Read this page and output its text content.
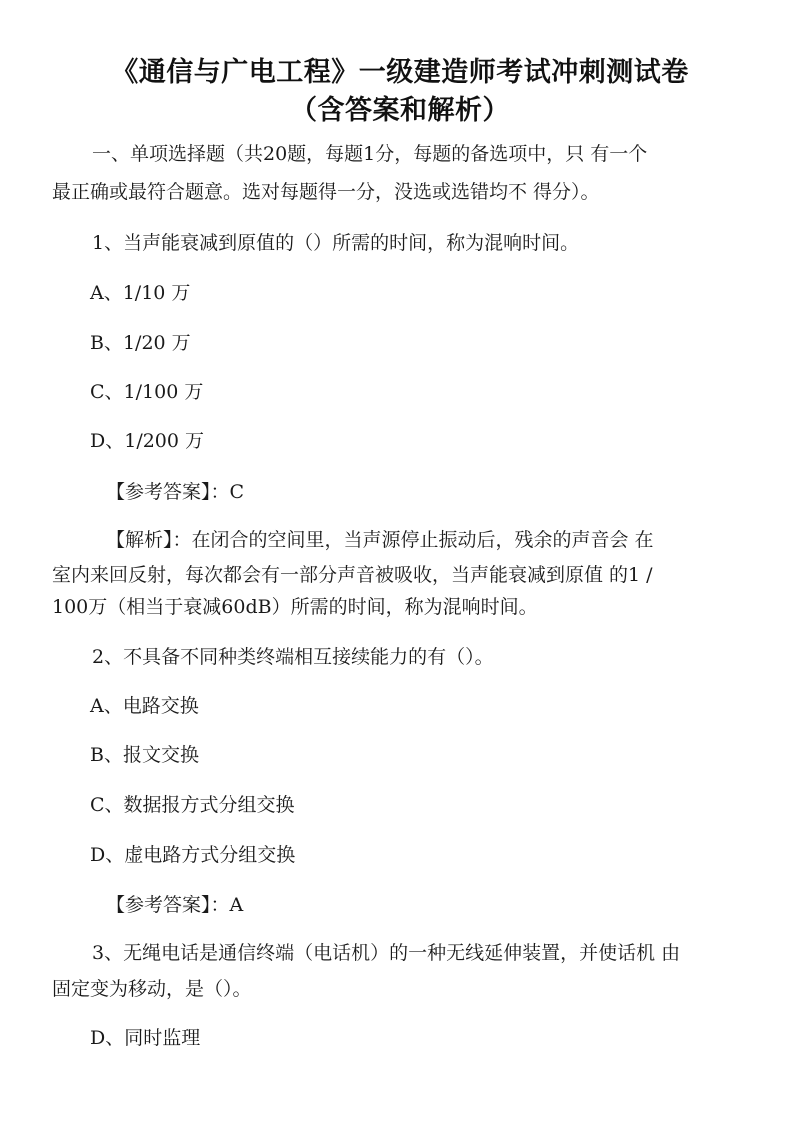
《通信与广电工程》一级建造师考试冲刺测试卷
（含答案和解析）
一、单项选择题（共20题，每题1分，每题的备选项中，只 有一个
最正确或最符合题意。选对每题得一分，没选或选错均不 得分）。
1、当声能衰减到原值的（）所需的时间，称为混响时间。
A、1/10 万
B、1/20 万
C、1/100 万
D、1/200 万
【参考答案】：C
【解析】：在闭合的空间里，当声源停止振动后，残余的声音会 在
室内来回反射，每次都会有一部分声音被吸收，当声能衰减到原值 的1 /
100万（相当于衰减60dB）所需的时间，称为混响时间。
2、不具备不同种类终端相互接续能力的有（）。
A、电路交换
B、报文交换
C、数据报方式分组交换
D、虚电路方式分组交换
【参考答案】：A
3、无绳电话是通信终端（电话机）的一种无线延伸装置，并使话机 由
固定变为移动，是（）。
D、同时监理
